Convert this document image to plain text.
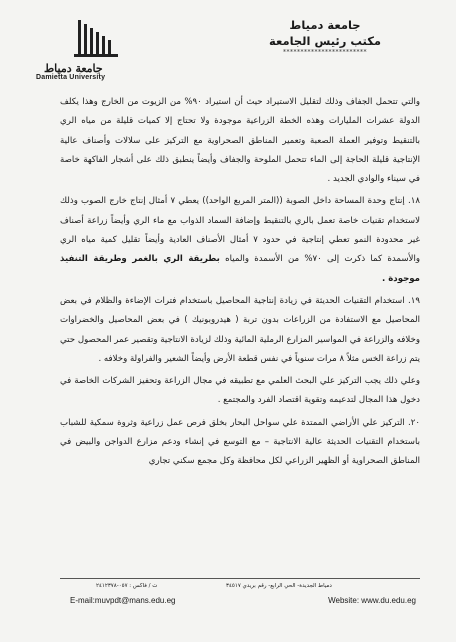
جامعة دمياط
Damietta University
جامعة دمياط
مكتب رئيس الجامعة
************************

والتي تتحمل الجفاف وذلك لتقليل الاستيراد حيث أن استيراد ٩٠% من الزيوت من الخارج وهذا يكلف الدولة عشرات المليارات وهذه الخطة الزراعية موجودة ولا تحتاج إلا كميات قليلة من مياه الري بالتنقيط وتوفير العملة الصعبة وتعمير المناطق الصحراوية مع التركيز على سلالات وأصناف عالية الإنتاجية قليلة الحاجة إلى الماء تتحمل الملوحة والجفاف وأيضاً ينطبق ذلك على أشجار الفاكهة خاصة في سيناء والوادي الجديد .

١٨. إنتاج وحدة المساحة داخل الصوبة ((المتر المربع الواحد)) يعطي ٧ أمثال إنتاج خارج الصوب وذلك لاستخدام تقنيات خاصة تعمل بالري بالتنقيط وإضافة السماد الذواب مع ماء الري وأيضاً زراعة أصناف غير محدودة النمو تعطي إنتاجية في حدود ٧ أمثال الأصناف العادية وأيضاً تقليل كمية مياه الري والأسمدة كما ذكرت إلى ٧٠% من الأسمدة والمياه بطريقة الري بالغمر وطريقة التنفيذ موجودة .

١٩. استخدام التقنيات الحديثة في زيادة إنتاجية المحاصيل باستخدام فترات الإضاءة والظلام في بعض المحاصيل مع الاستفادة من الزراعات بدون تربة ( هيدروبونيك ) في بعض المحاصيل والخضراوات وخلافه والزراعة في المواسير المزارع الرملية المائية وذلك لزيادة الانتاجية وتقصير عمر المحصول حتي يتم زراعة الخس مثلاً ٨ مرات سنوياً في نفس قطعة الأرض وأيضاً الشعير والفراولة وخلافه .

وعلي ذلك يجب التركيز علي البحث العلمي مع تطبيقه في مجال الزراعة وتحفيز الشركات الخاصة في دخول هذا المجال لتدعيمه وتقوية اقتصاد الفرد والمجتمع .

٢٠. التركيز علي الأراضي الممتدة علي سواحل البحار بخلق فرص عمل زراعية وثروة سمكية للشباب باستخدام التقنيات الحديثة عالية الانتاجية – مع التوسع في إنشاء ودعم مزارع الدواجن والبيض في المناطق الصحراوية أو الظهير الزراعي لكل محافظة وكل مجمع سكني تجاري

دمياط الجديدة- الحي الرابع- رقم بريدي ٣٤٥١٧
ت / فاكس : ٠٥٧-٢٤١٢٣٧٨
E-mail:muvpdt@mans.edu.eg	Website: www.du.edu.eg
